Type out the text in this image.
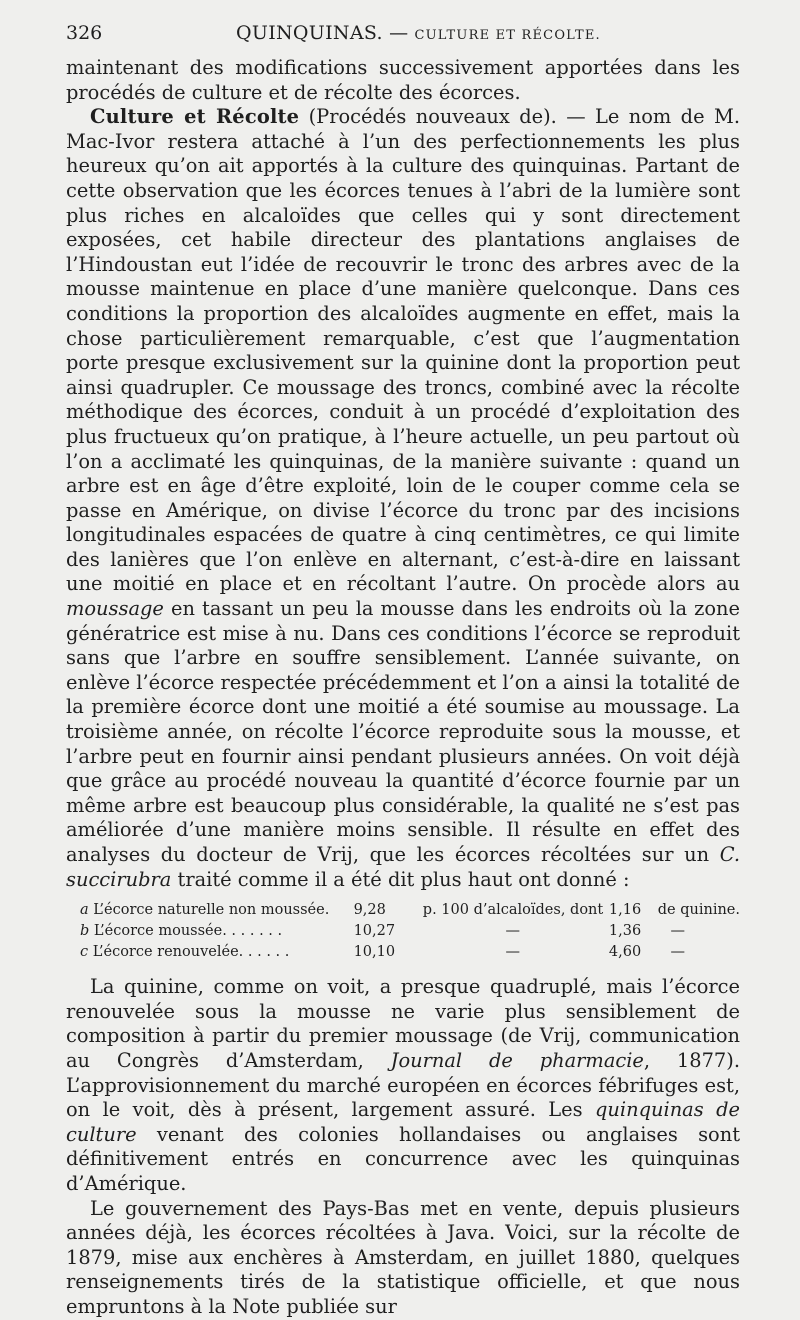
326	QUINQUINAS. — CULTURE ET RÉCOLTE.

maintenant des modifications successivement apportées dans les procédés de culture et de récolte des écorces.

Culture et Récolte (Procédés nouveaux de). — Le nom de M. Mac-Ivor restera attaché à l’un des perfectionnements les plus heureux qu’on ait apportés à la culture des quinquinas. Partant de cette observation que les écorces tenues à l’abri de la lumière sont plus riches en alcaloïdes que celles qui y sont directement exposées, cet habile directeur des plantations anglaises de l’Hindoustan eut l’idée de recouvrir le tronc des arbres avec de la mousse maintenue en place d’une manière quelconque. Dans ces conditions la proportion des alcaloïdes augmente en effet, mais la chose particulièrement remarquable, c’est que l’augmentation porte presque exclusivement sur la quinine dont la proportion peut ainsi quadrupler. Ce moussage des troncs, combiné avec la récolte méthodique des écorces, conduit à un procédé d’exploitation des plus fructueux qu’on pratique, à l’heure actuelle, un peu partout où l’on a acclimaté les quinquinas, de la manière suivante : quand un arbre est en âge d’être exploité, loin de le couper comme cela se passe en Amérique, on divise l’écorce du tronc par des incisions longitudinales espacées de quatre à cinq centimètres, ce qui limite des lanières que l’on enlève en alternant, c’est-à-dire en laissant une moitié en place et en récoltant l’autre. On procède alors au moussage en tassant un peu la mousse dans les endroits où la zone génératrice est mise à nu. Dans ces conditions l’écorce se reproduit sans que l’arbre en souffre sensiblement. L’année suivante, on enlève l’écorce respectée précédemment et l’on a ainsi la totalité de la première écorce dont une moitié a été soumise au moussage. La troisième année, on récolte l’écorce reproduite sous la mousse, et l’arbre peut en fournir ainsi pendant plusieurs années. On voit déjà que grâce au procédé nouveau la quantité d’écorce fournie par un même arbre est beaucoup plus considérable, la qualité ne s’est pas améliorée d’une manière moins sensible. Il résulte en effet des analyses du docteur de Vrij, que les écorces récoltées sur un C. succirubra traité comme il a été dit plus haut ont donné :

a L’écorce naturelle non moussée.	9,28	p. 100 d’alcaloïdes, dont	1,16	de quinine.
b L’écorce moussée. . . . . . .	10,27	—	1,36	—
c L’écorce renouvelée. . . . . .	10,10	—	4,60	—

La quinine, comme on voit, a presque quadruplé, mais l’écorce renouvelée sous la mousse ne varie plus sensiblement de composition à partir du premier moussage (de Vrij, communication au Congrès d’Amsterdam, Journal de pharmacie, 1877). L’approvisionnement du marché européen en écorces fébrifuges est, on le voit, dès à présent, largement assuré. Les quinquinas de culture venant des colonies hollandaises ou anglaises sont définitivement entrés en concurrence avec les quinquinas d’Amérique.

Le gouvernement des Pays-Bas met en vente, depuis plusieurs années déjà, les écorces récoltées à Java. Voici, sur la récolte de 1879, mise aux enchères à Amsterdam, en juillet 1880, quelques renseignements tirés de la statistique officielle, et que nous empruntons à la Note publiée sur
